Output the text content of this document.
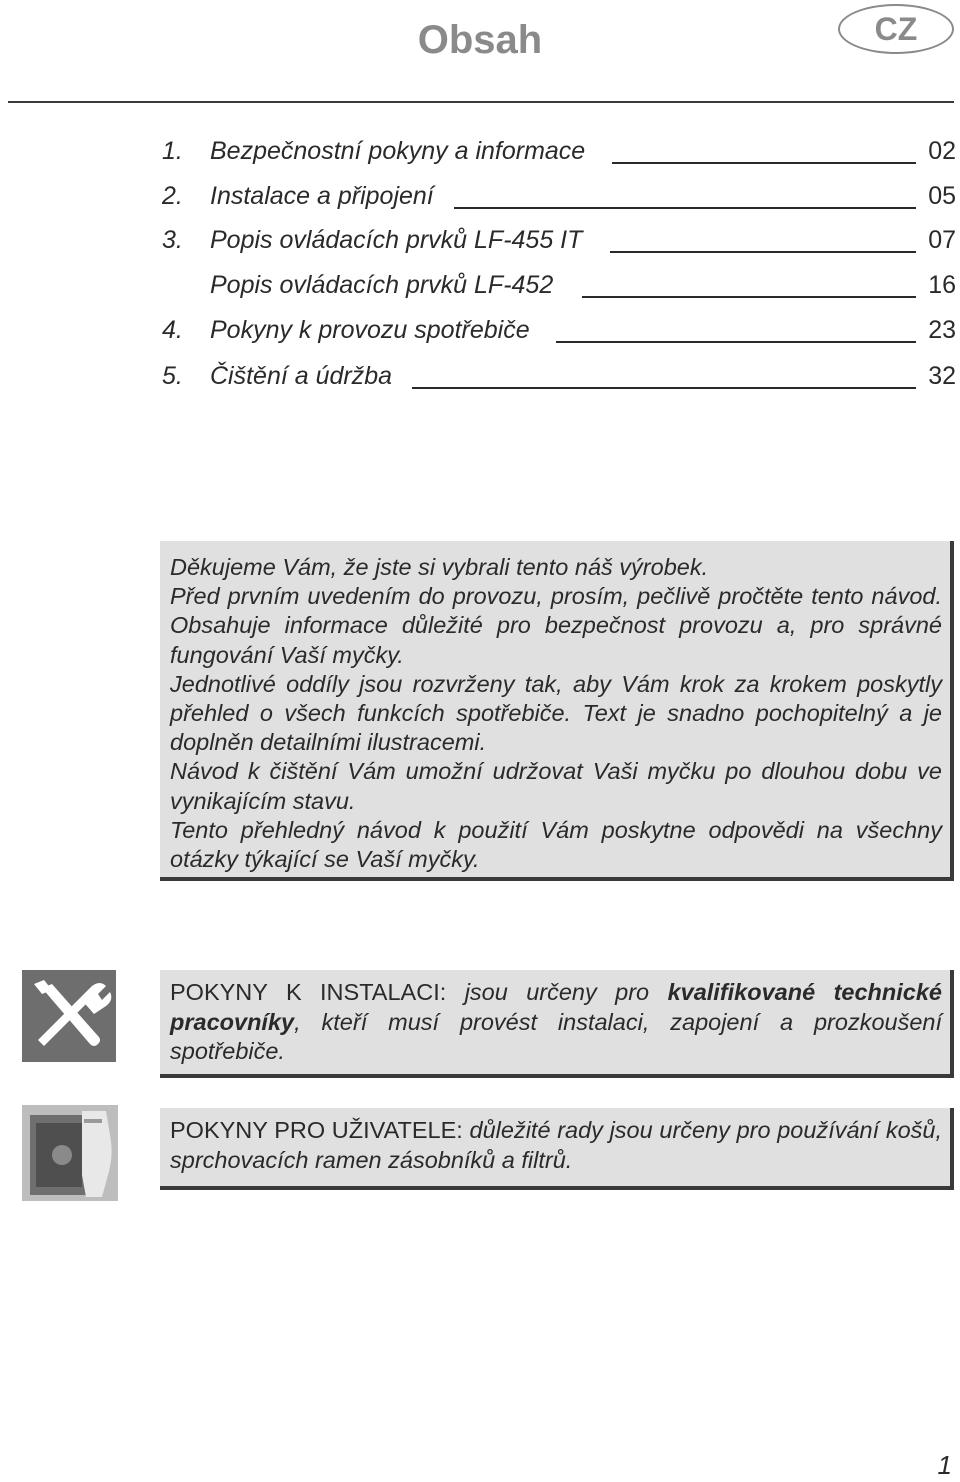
Obsah	CZ
1. Bezpečnostní pokyny a informace	02
2. Instalace a připojení	05
3. Popis ovládacích prvků LF-455 IT	07
Popis ovládacích prvků LF-452	16
4. Pokyny k provozu spotřebiče	23
5. Čištění a údržba	32

Děkujeme Vám, že jste si vybrali tento náš výrobek.

Před prvním uvedením do provozu, prosím, pečlivě pročtěte tento návod. Obsahuje informace důležité pro bezpečnost provozu a, pro správné fungování Vaší myčky.

Jednotlivé oddíly jsou rozvrženy tak, aby Vám krok za krokem poskytly přehled o všech funkcích spotřebiče. Text je snadno pochopitelný a je doplněn detailními ilustracemi.

Návod k čištění Vám umožní udržovat Vaši myčku po dlouhou dobu ve vynikajícím stavu.

Tento přehledný návod k použití Vám poskytne odpovědi na všechny otázky týkající se Vaší myčky.

POKYNY K INSTALACI: jsou určeny pro kvalifikované technické pracovníky, kteří musí provést instalaci, zapojení a prozkoušení spotřebiče.

POKYNY PRO UŽIVATELE: důležité rady jsou určeny pro používání košů, sprchovacích ramen zásobníků a filtrů.

1
